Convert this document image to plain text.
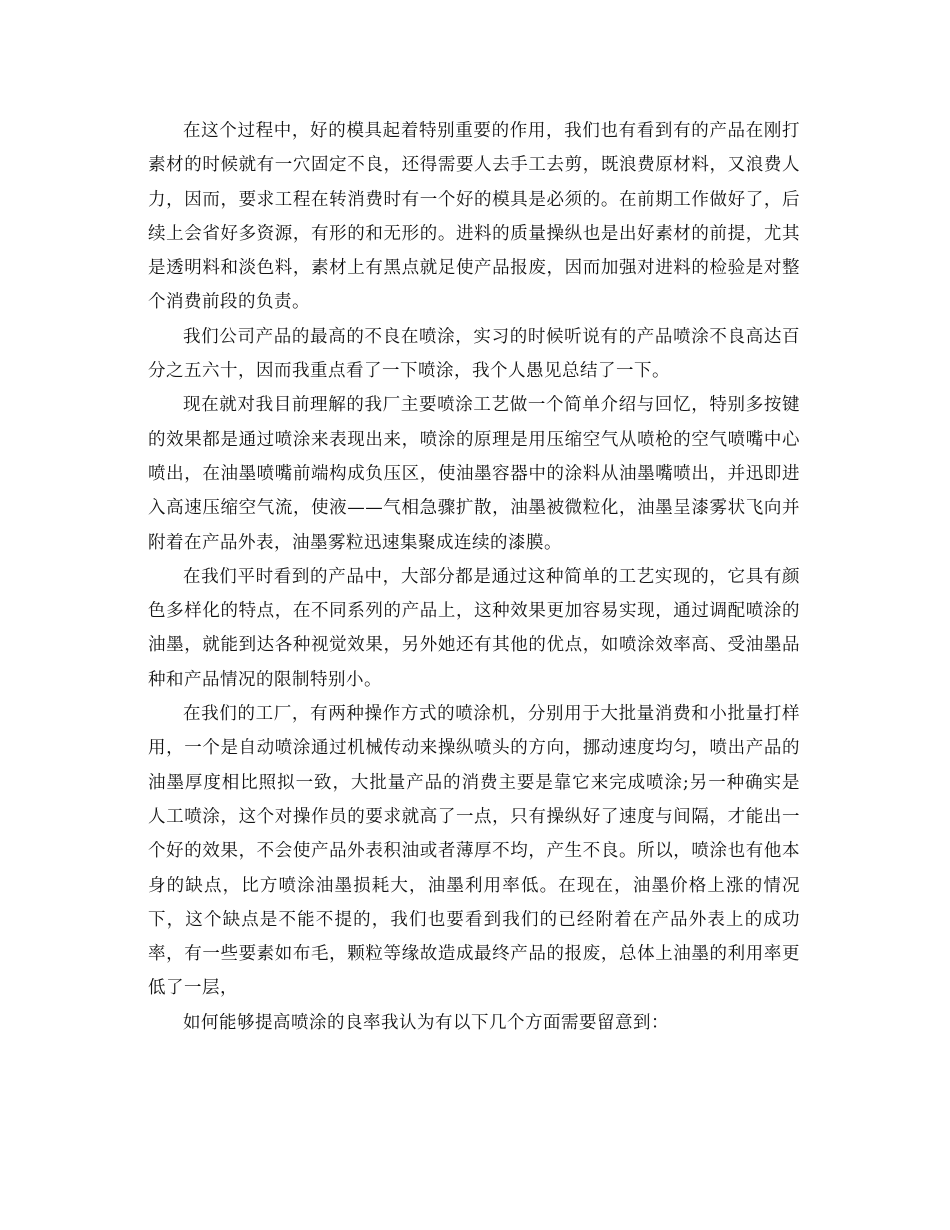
在这个过程中，好的模具起着特别重要的作用，我们也有看到有的产品在刚打素材的时候就有一穴固定不良，还得需要人去手工去剪，既浪费原材料，又浪费人力，因而，要求工程在转消费时有一个好的模具是必须的。在前期工作做好了，后续上会省好多资源，有形的和无形的。进料的质量操纵也是出好素材的前提，尤其是透明料和淡色料，素材上有黑点就足使产品报废，因而加强对进料的检验是对整个消费前段的负责。

我们公司产品的最高的不良在喷涂，实习的时候听说有的产品喷涂不良高达百分之五六十，因而我重点看了一下喷涂，我个人愚见总结了一下。

现在就对我目前理解的我厂主要喷涂工艺做一个简单介绍与回忆，特别多按键的效果都是通过喷涂来表现出来，喷涂的原理是用压缩空气从喷枪的空气喷嘴中心喷出，在油墨喷嘴前端构成负压区，使油墨容器中的涂料从油墨嘴喷出，并迅即进入高速压缩空气流，使液——气相急骤扩散，油墨被微粒化，油墨呈漆雾状飞向并附着在产品外表，油墨雾粒迅速集聚成连续的漆膜。

在我们平时看到的产品中，大部分都是通过这种简单的工艺实现的，它具有颜色多样化的特点，在不同系列的产品上，这种效果更加容易实现，通过调配喷涂的油墨，就能到达各种视觉效果，另外她还有其他的优点，如喷涂效率高、受油墨品种和产品情况的限制特别小。

在我们的工厂，有两种操作方式的喷涂机，分别用于大批量消费和小批量打样用，一个是自动喷涂通过机械传动来操纵喷头的方向，挪动速度均匀，喷出产品的油墨厚度相比照拟一致，大批量产品的消费主要是靠它来完成喷涂;另一种确实是人工喷涂，这个对操作员的要求就高了一点，只有操纵好了速度与间隔，才能出一个好的效果，不会使产品外表积油或者薄厚不均，产生不良。所以，喷涂也有他本身的缺点，比方喷涂油墨损耗大，油墨利用率低。在现在，油墨价格上涨的情况下，这个缺点是不能不提的，我们也要看到我们的已经附着在产品外表上的成功率，有一些要素如布毛，颗粒等缘故造成最终产品的报废，总体上油墨的利用率更低了一层，

如何能够提高喷涂的良率我认为有以下几个方面需要留意到：
